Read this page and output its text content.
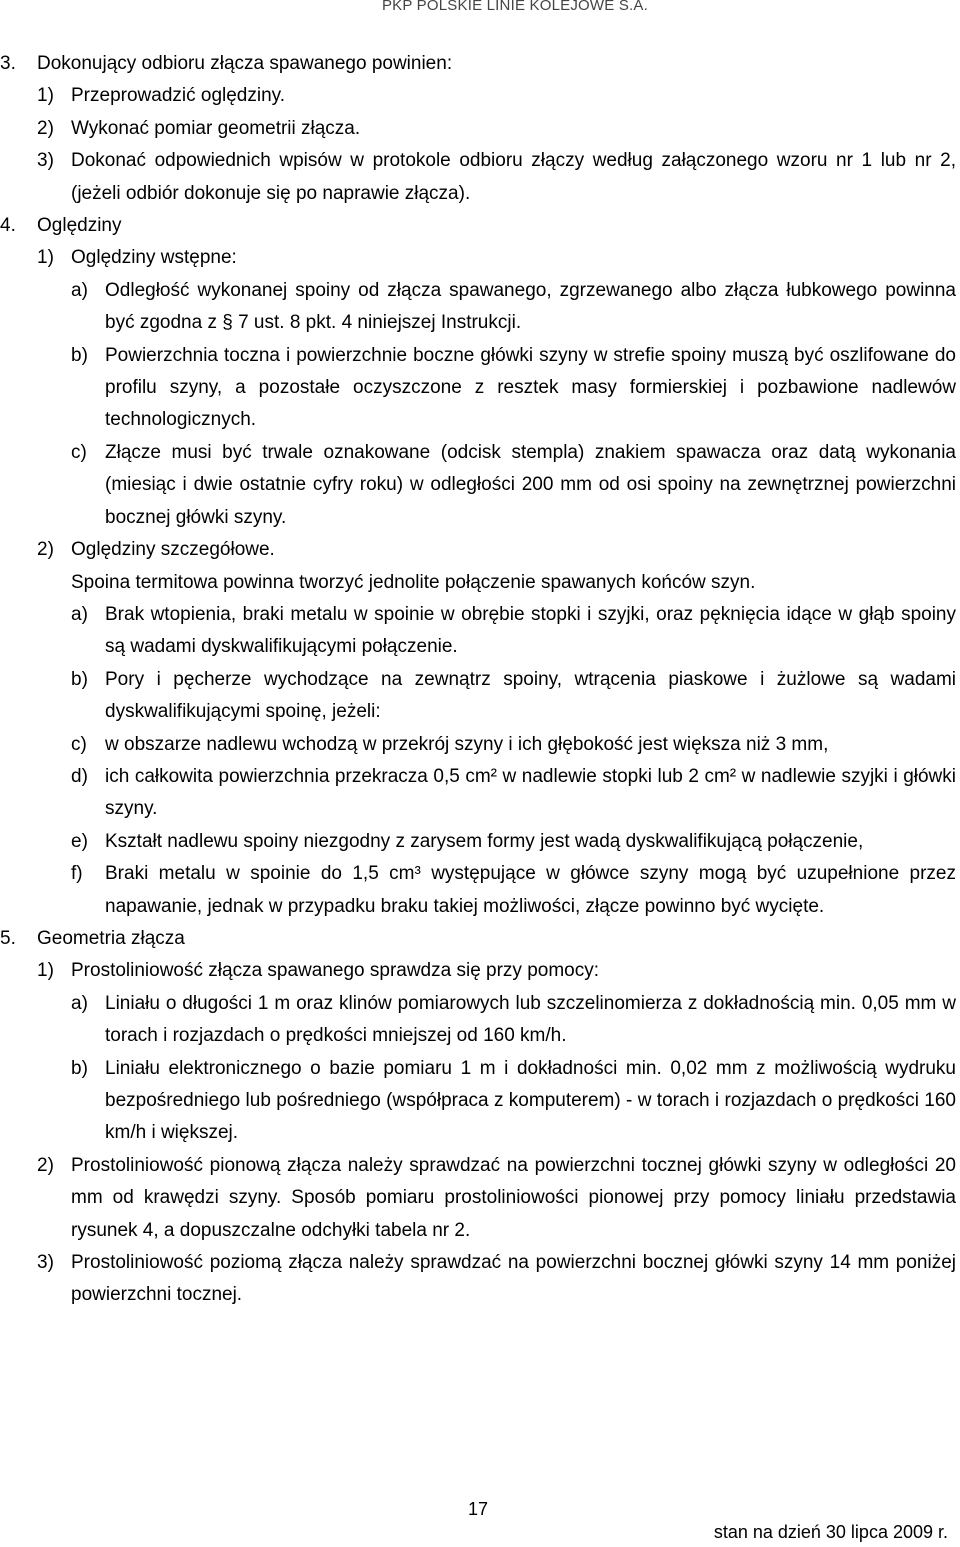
PKP POLSKIE LINIE KOLEJOWE S.A.
3.	Dokonujący odbioru złącza spawanego powinien:
1) Przeprowadzić oględziny.
2) Wykonać pomiar geometrii złącza.
3) Dokonać odpowiednich wpisów w protokole odbioru złączy według załączonego wzoru nr 1 lub nr 2, (jeżeli odbiór dokonuje się po naprawie złącza).
4.	Oględziny
1) Oględziny wstępne:
a) Odległość wykonanej spoiny od złącza spawanego, zgrzewanego albo złącza łubkowego powinna być zgodna z § 7 ust. 8 pkt. 4 niniejszej Instrukcji.
b) Powierzchnia toczna i powierzchnie boczne główki szyny w strefie spoiny muszą być oszlifowane do profilu szyny, a pozostałe oczyszczone z resztek masy formierskiej i pozbawione nadlewów technologicznych.
c) Złącze musi być trwale oznakowane (odcisk stempla) znakiem spawacza oraz datą wykonania (miesiąc i dwie ostatnie cyfry roku) w odległości 200 mm od osi spoiny na zewnętrznej powierzchni bocznej główki szyny.
2) Oględziny szczegółowe.
Spoina termitowa powinna tworzyć jednolite połączenie spawanych końców szyn.
a) Brak wtopienia, braki metalu w spoinie w obrębie stopki i szyjki, oraz pęknięcia idące w głąb spoiny są wadami dyskwalifikującymi połączenie.
b) Pory i pęcherze wychodzące na zewnątrz spoiny, wtrącenia piaskowe i żużlowe są wadami dyskwalifikującymi spoinę, jeżeli:
c) w obszarze nadlewu wchodzą w przekrój szyny i ich głębokość jest większa niż 3 mm,
d) ich całkowita powierzchnia przekracza 0,5 cm² w nadlewie stopki lub 2 cm² w nadlewie szyjki i główki szyny.
e) Kształt nadlewu spoiny niezgodny z zarysem formy jest wadą dyskwalifikującą połączenie,
f)	Braki metalu w spoinie do 1,5 cm³ występujące w główce szyny mogą być uzupełnione przez napawanie, jednak w przypadku braku takiej możliwości, złącze powinno być wycięte.
5.	Geometria złącza
1) Prostoliniowość złącza spawanego sprawdza się przy pomocy:
a) Liniału o długości 1 m oraz klinów pomiarowych lub szczelinomierza z dokładnością min. 0,05 mm w torach i rozjazdach o prędkości mniejszej od 160 km/h.
b) Liniału elektronicznego o bazie pomiaru 1 m i dokładności min. 0,02 mm z możliwością wydruku bezpośredniego lub pośredniego (współpraca z komputerem) - w torach i rozjazdach o prędkości 160 km/h i większej.
2) Prostoliniowość pionową złącza należy sprawdzać na powierzchni tocznej główki szyny w odległości 20 mm od krawędzi szyny. Sposób pomiaru prostoliniowości pionowej przy pomocy liniału przedstawia rysunek 4, a dopuszczalne odchyłki tabela nr 2.
3) Prostoliniowość poziomą złącza należy sprawdzać na powierzchni bocznej główki szyny 14 mm poniżej powierzchni tocznej.
17
stan na dzień 30 lipca 2009 r.
